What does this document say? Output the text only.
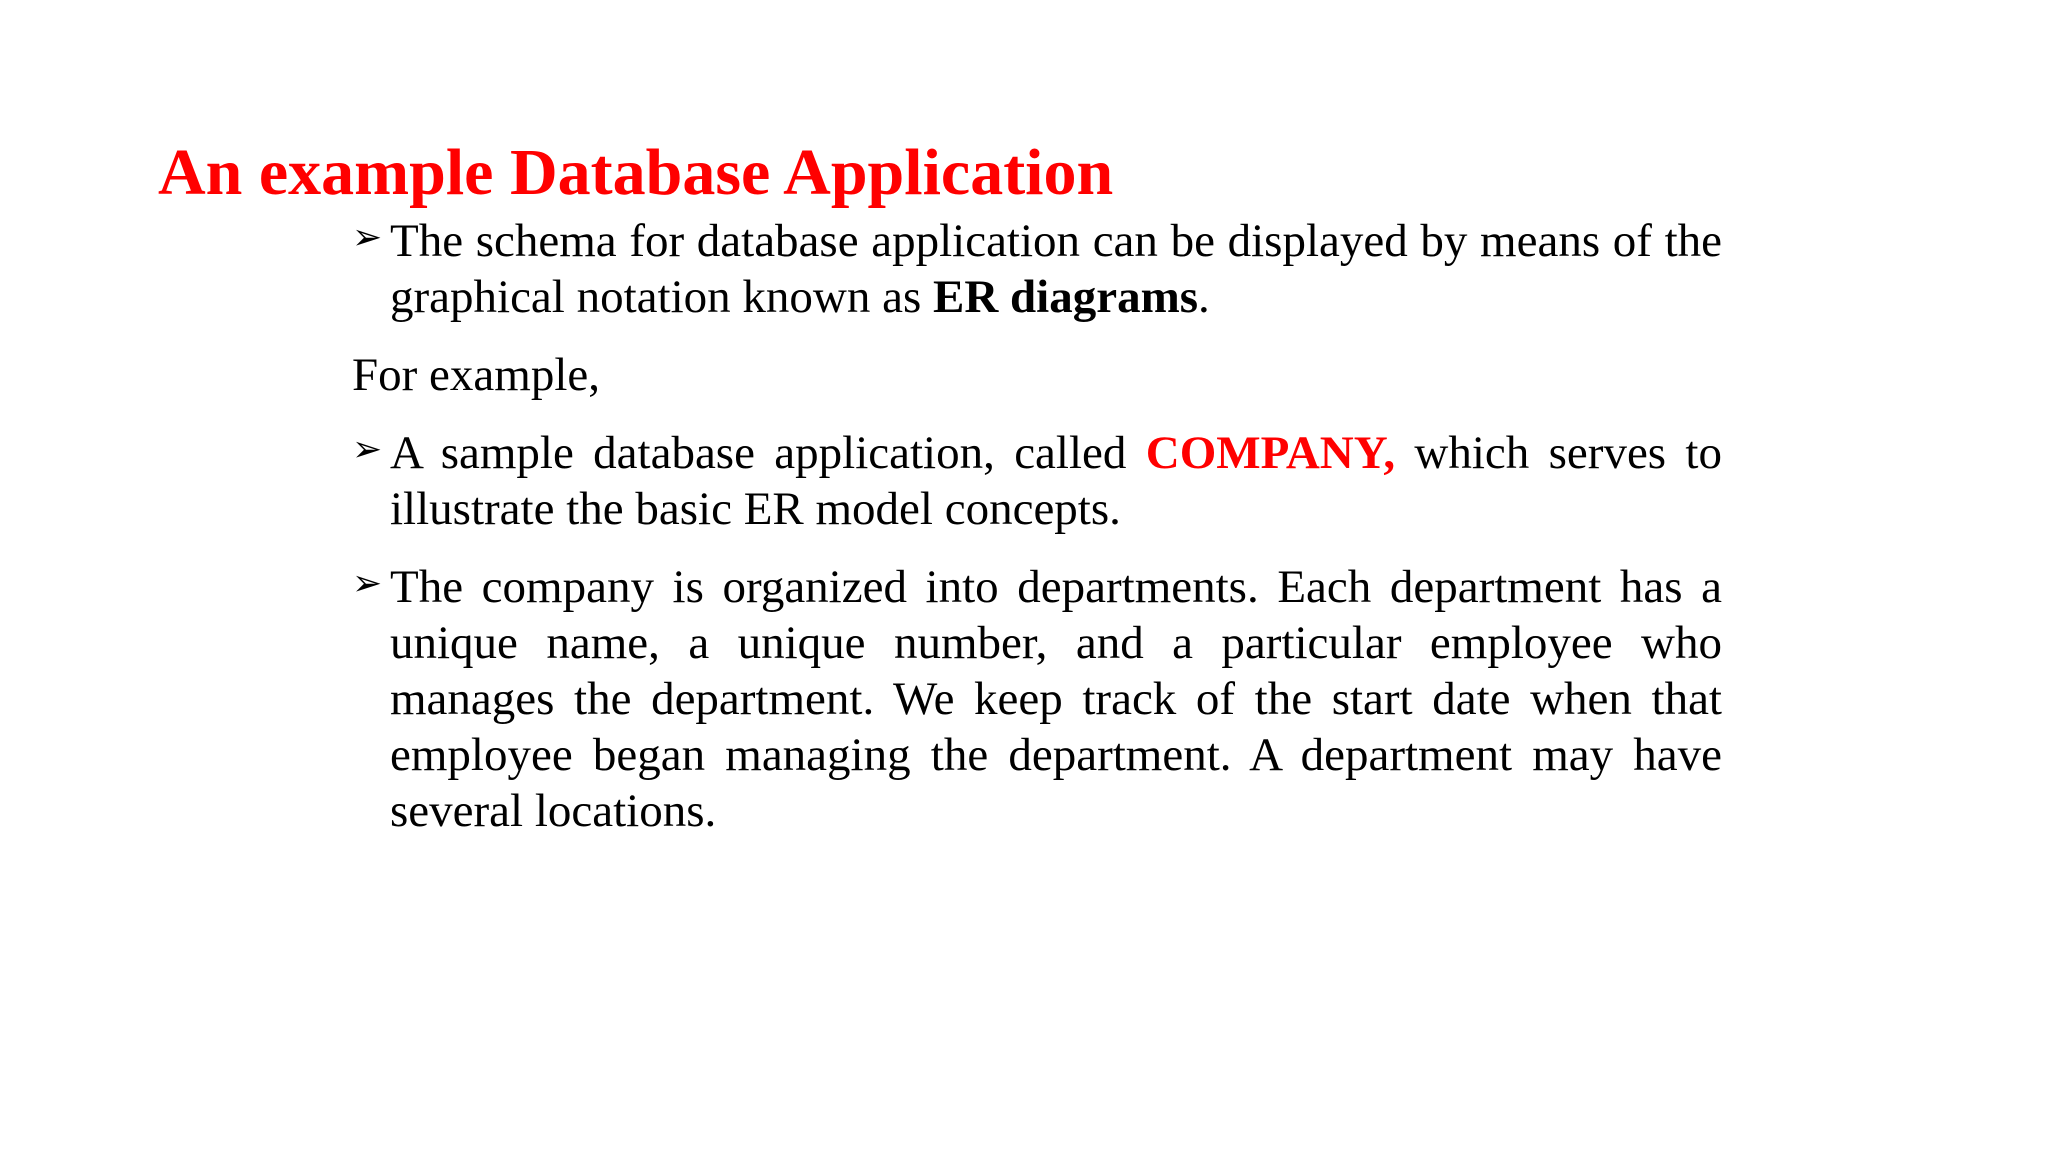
An example Database Application

➢ The schema for database application can be displayed by means of the graphical notation known as ER diagrams.

For example,

➢ A sample database application, called COMPANY, which serves to illustrate the basic ER model concepts.

➢ The company is organized into departments. Each department has a unique name, a unique number, and a particular employee who manages the department. We keep track of the start date when that employee began managing the department. A department may have several locations.
